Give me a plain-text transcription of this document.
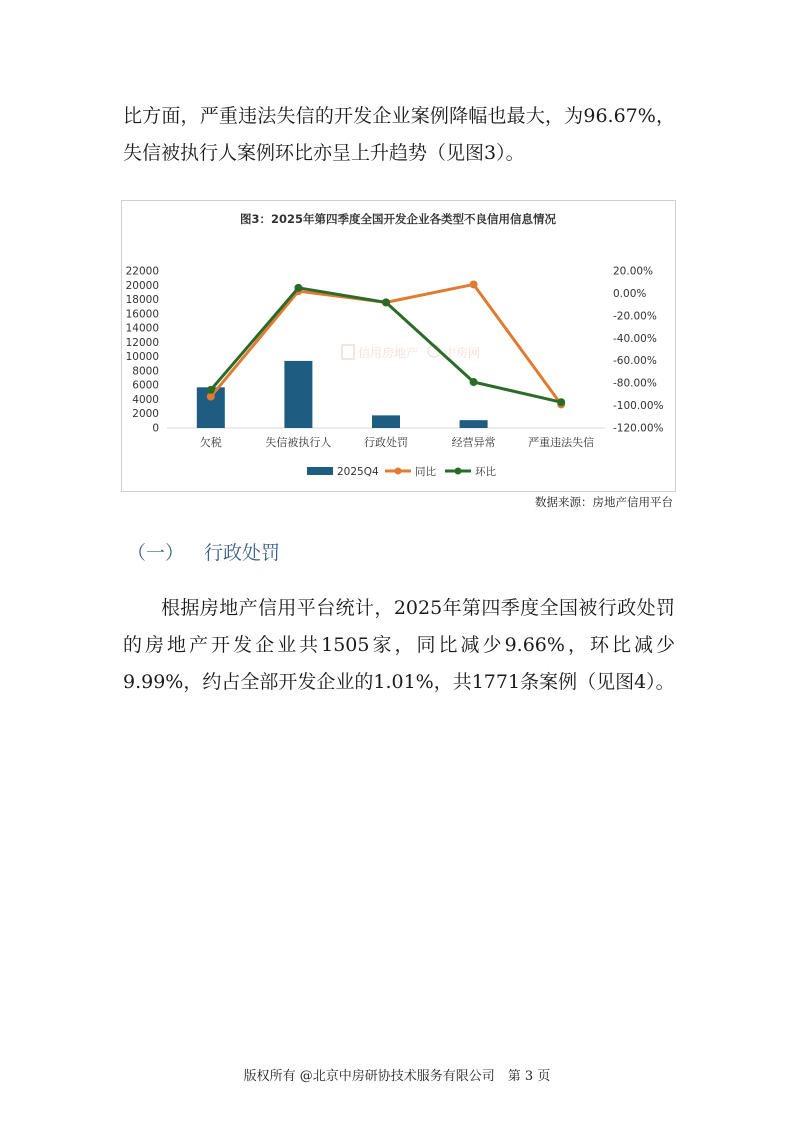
比方面，严重违法失信的开发企业案例降幅也最大，为96.67%，失信被执行人案例环比亦呈上升趋势（见图3）。

图3：2025年第四季度全国开发企业各类型不良信用信息情况
信用房地产 中房网
0
2000
4000
6000
8000
10000
12000
14000
16000
18000
20000
22000
-120.00%
-100.00%
-80.00%
-60.00%
-40.00%
-20.00%
0.00%
20.00%
欠税	失信被执行人	行政处罚	经营异常	严重违法失信
2025Q4	同比	环比
数据来源：房地产信用平台
（一） 行政处罚

根据房地产信用平台统计，2025年第四季度全国被行政处罚的房地产开发企业共1505家，同比减少9.66%，环比减少9.99%，约占全部开发企业的1.01%，共1771条案例（见图4）。

版权所有 @北京中房研协技术服务有限公司　第 3 页
